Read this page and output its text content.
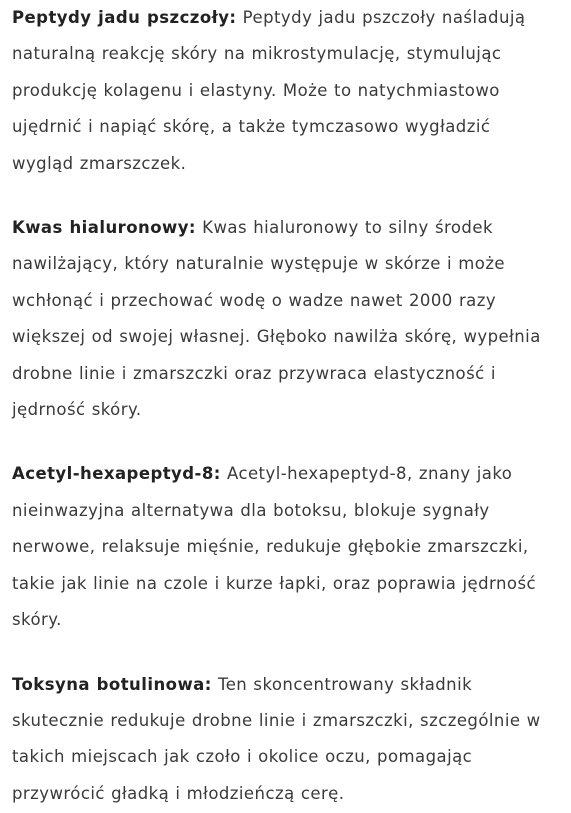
Peptydy jadu pszczoły: Peptydy jadu pszczoły naśladują naturalną reakcję skóry na mikrostymulację, stymulując produkcję kolagenu i elastyny. Może to natychmiastowo ujędrnić i napiąć skórę, a także tymczasowo wygładzić wygląd zmarszczek.

Kwas hialuronowy: Kwas hialuronowy to silny środek nawilżający, który naturalnie występuje w skórze i może wchłonąć i przechować wodę o wadze nawet 2000 razy większej od swojej własnej. Głęboko nawilża skórę, wypełnia drobne linie i zmarszczki oraz przywraca elastyczność i jędrność skóry.

Acetyl-hexapeptyd-8: Acetyl-hexapeptyd-8, znany jako nieinwazyjna alternatywa dla botoksu, blokuje sygnały nerwowe, relaksuje mięśnie, redukuje głębokie zmarszczki, takie jak linie na czole i kurze łapki, oraz poprawia jędrność skóry.

Toksyna botulinowa: Ten skoncentrowany składnik skutecznie redukuje drobne linie i zmarszczki, szczególnie w takich miejscach jak czoło i okolice oczu, pomagając przywrócić gładką i młodzieńczą cerę.
